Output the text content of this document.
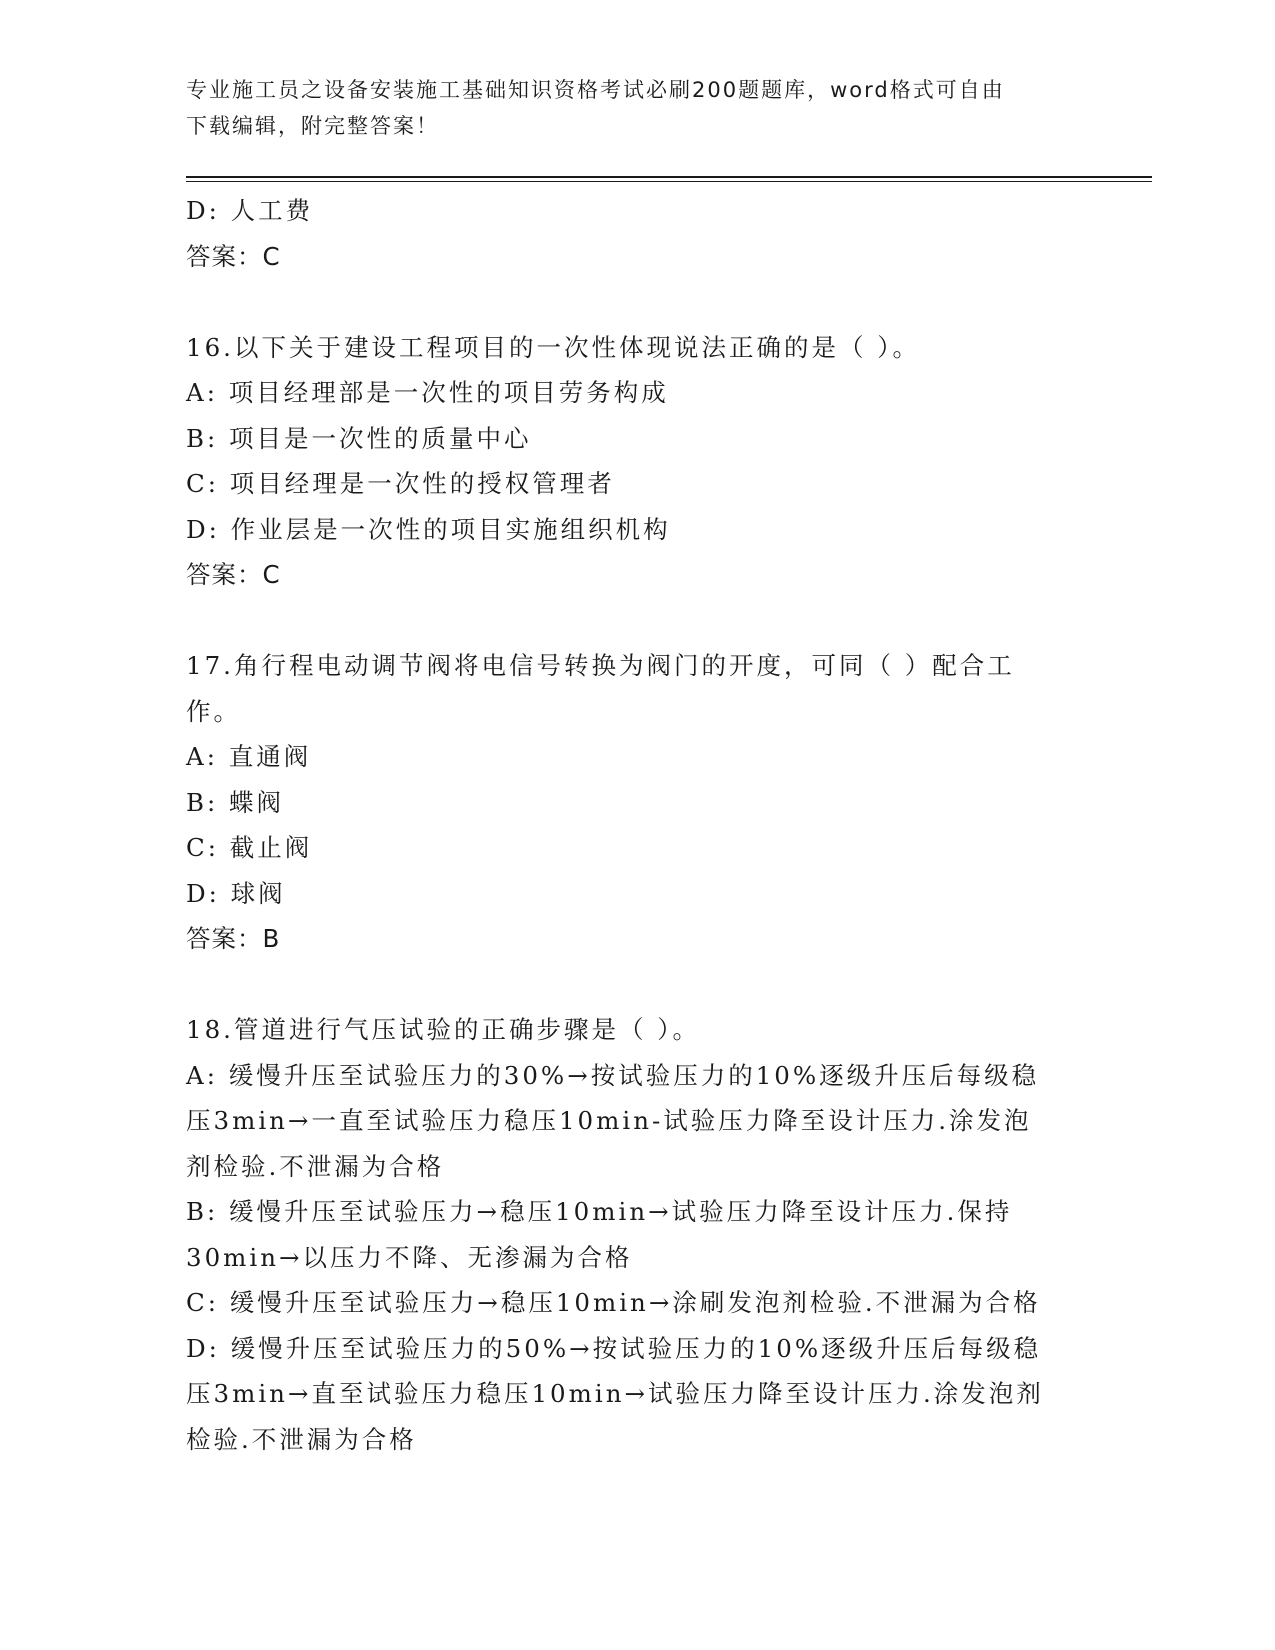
专业施工员之设备安装施工基础知识资格考试必刷200题题库，word格式可自由
下载编辑，附完整答案！
D: 人工费
答案：C
16.以下关于建设工程项目的一次性体现说法正确的是（ ）。
A: 项目经理部是一次性的项目劳务构成
B: 项目是一次性的质量中心
C: 项目经理是一次性的授权管理者
D: 作业层是一次性的项目实施组织机构
答案：C
17.角行程电动调节阀将电信号转换为阀门的开度，可同（ ）配合工
作。
A: 直通阀
B: 蝶阀
C: 截止阀
D: 球阀
答案：B
18.管道进行气压试验的正确步骤是（ ）。
A: 缓慢升压至试验压力的30%→按试验压力的10%逐级升压后每级稳
压3min→一直至试验压力稳压10min-试验压力降至设计压力.涂发泡
剂检验.不泄漏为合格
B: 缓慢升压至试验压力→稳压10min→试验压力降至设计压力.保持
30min→以压力不降、无渗漏为合格
C: 缓慢升压至试验压力→稳压10min→涂刷发泡剂检验.不泄漏为合格
D: 缓慢升压至试验压力的50%→按试验压力的10%逐级升压后每级稳
压3min→直至试验压力稳压10min→试验压力降至设计压力.涂发泡剂
检验.不泄漏为合格
